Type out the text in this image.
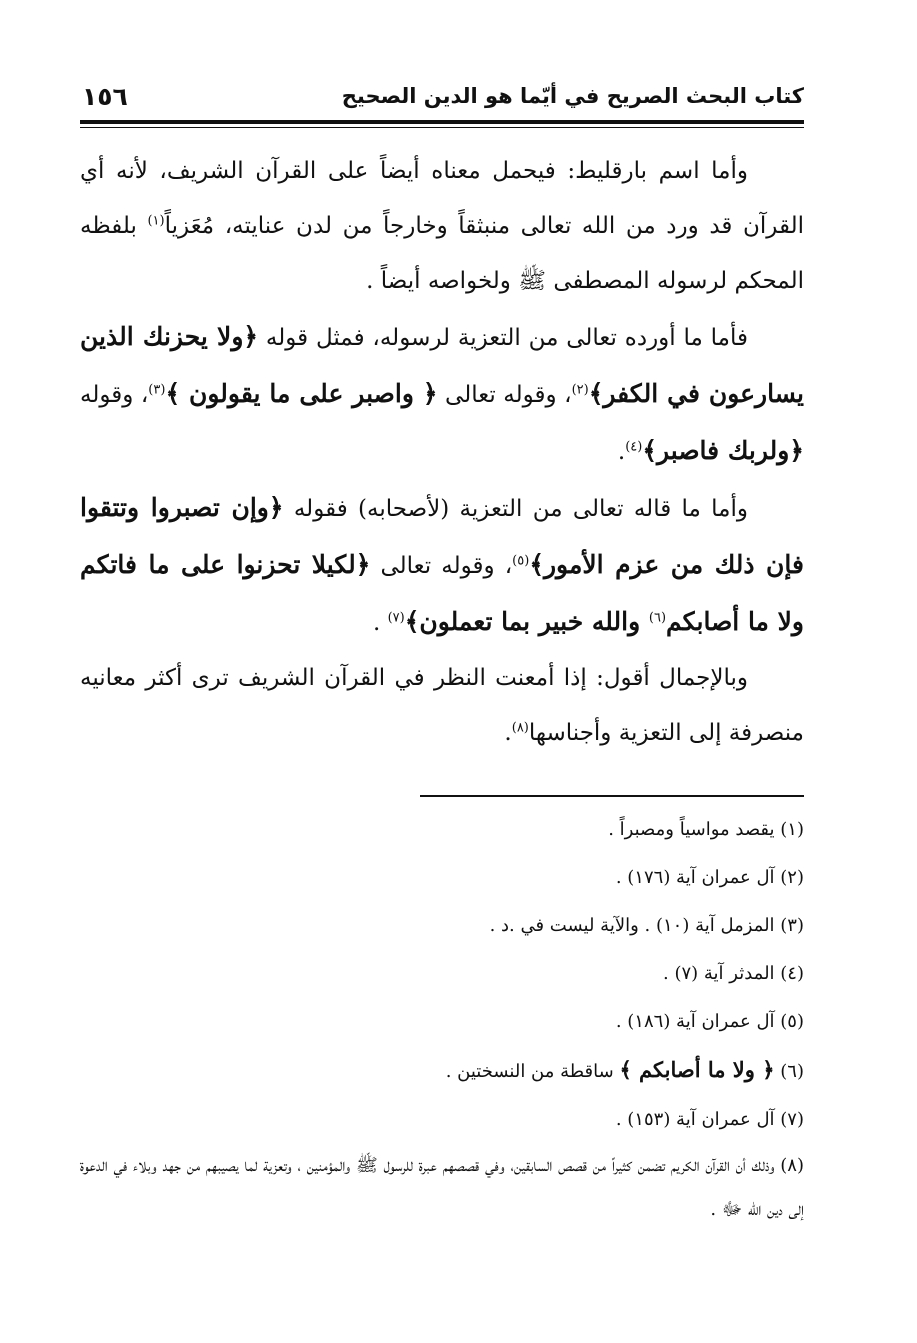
كتاب البحث الصريح في أيّما هو الدين الصحيح
١٥٦

وأما اسم بارقليط: فيحمل معناه أيضاً على القرآن الشريف، لأنه أي القرآن قد ورد من الله تعالى منبثقاً وخارجاً من لدن عنايته، مُعَزياً$^{(١)}$ بلفظه المحكم لرسوله المصطفى ﷺ ولخواصه أيضاً .

فأما ما أورده تعالى من التعزية لرسوله، فمثل قوله ﴿ولا يحزنك الذين يسارعون في الكفر﴾$^{(٢)}$، وقوله تعالى ﴿ واصبر على ما يقولون ﴾$^{(٣)}$، وقوله ﴿ولربك فاصبر﴾$^{(٤)}$.

وأما ما قاله تعالى من التعزية (لأصحابه) فقوله ﴿وإن تصبروا وتتقوا فإن ذلك من عزم الأمور﴾$^{(٥)}$، وقوله تعالى ﴿لكيلا تحزنوا على ما فاتكم ولا ما أصابكم$^{(٦)}$ والله خبير بما تعملون﴾$^{(٧)}$ .

وبالإجمال أقول: إذا أمعنت النظر في القرآن الشريف ترى أكثر معانيه منصرفة إلى التعزية وأجناسها$^{(٨)}$.

(١) يقصد مواسياً ومصبراً .

(٢) آل عمران آية (١٧٦) .

(٣) المزمل آية (١٠) . والآية ليست في .د .

(٤) المدثر آية (٧) .

(٥) آل عمران آية (١٨٦) .

(٦) ﴿ ولا ما أصابكم ﴾ ساقطة من النسختين .

(٧) آل عمران آية (١٥٣) .

(٨) وذلك أن القرآن الكريم تضمن كثيراً من قصص السابقين، وفي قصصهم عبرة للرسول ﷺ والمؤمنين ، وتعزية لما يصيبهم من جهد وبلاء في الدعوة إلى دين الله ﷻ .
